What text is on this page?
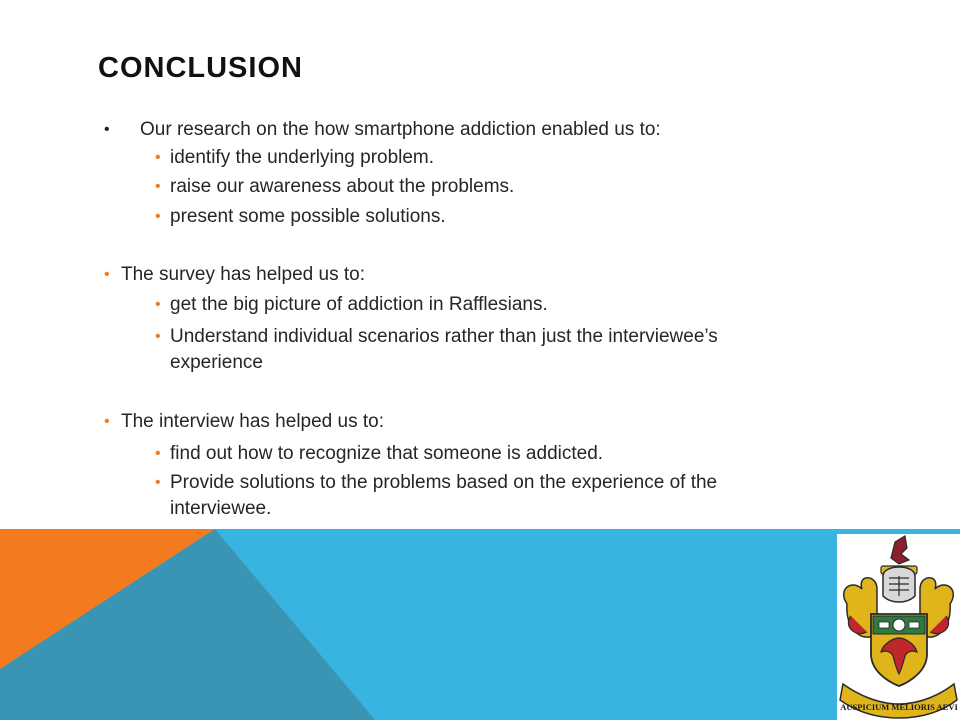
CONCLUSION
• Our research on the how smartphone addiction enabled us to:
• identify the underlying problem.
• raise our awareness about the problems.
• present some possible solutions.
• The survey has helped us to:
• get the big picture of addiction in Rafflesians.
• Understand individual scenarios rather than just the interviewee’s
experience
• The interview has helped us to:
• find out how to recognize that someone is addicted.
• Provide solutions to the problems based on the experience of the
interviewee.
AUSPICIUM MELIORIS AEVI
